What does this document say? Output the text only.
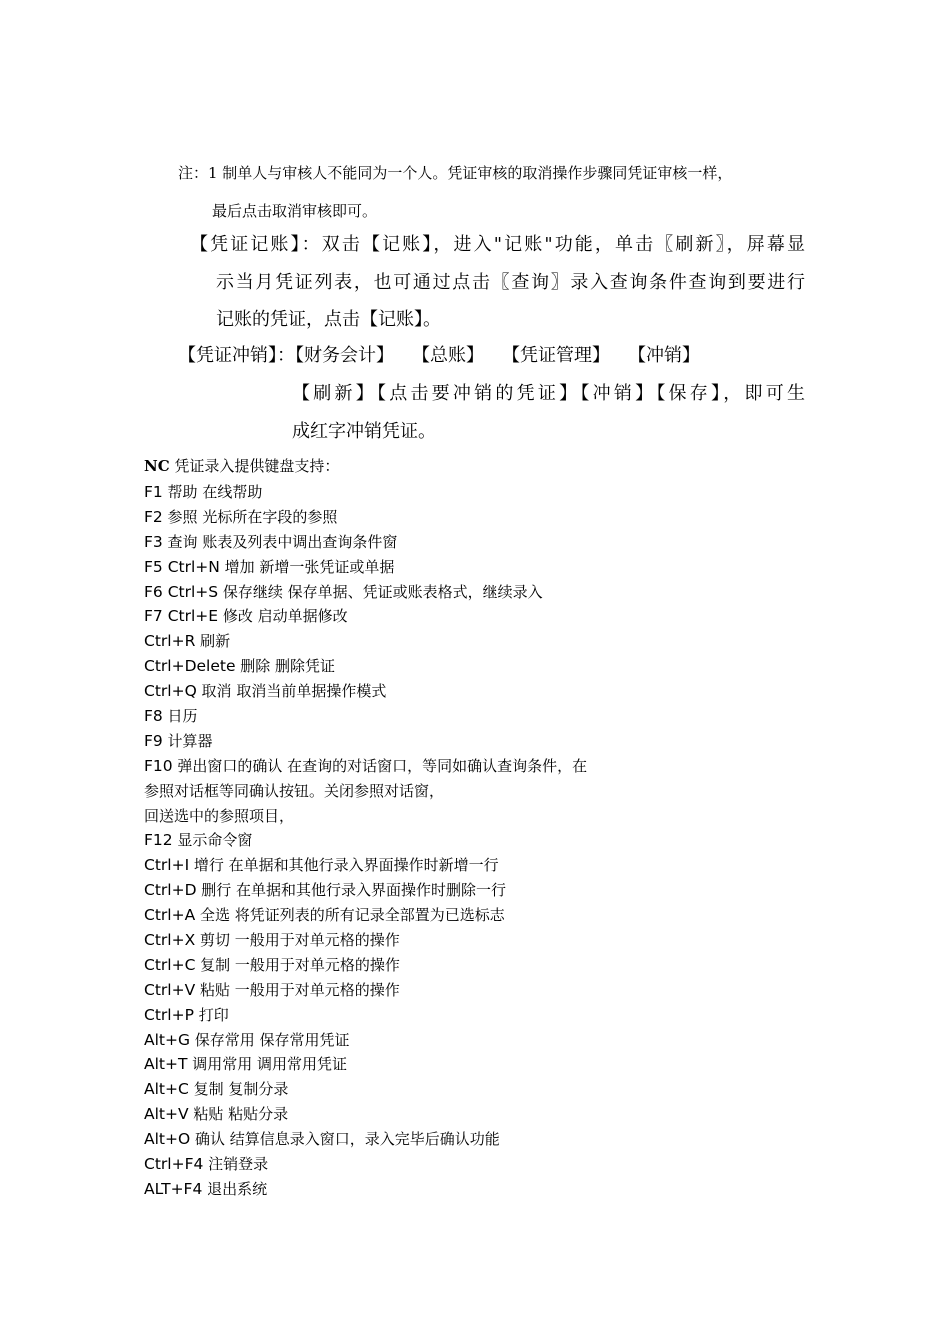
注：1 制单人与审核人不能同为一个人。凭证审核的取消操作步骤同凭证审核一样，
最后点击取消审核即可。
【凭证记账】：双击【记账】，进入"记账"功能，单击〖刷新〗，屏幕显
示当月凭证列表，也可通过点击〖查询〗录入查询条件查询到要进行
记账的凭证，点击【记账】。
【凭证冲销】：【财务会计】　　【总账】　　【凭证管理】　　【冲销】
【刷新】【点击要冲销的凭证】【冲销】【保存】，即可生
成红字冲销凭证。
NC 凭证录入提供键盘支持：
F1 帮助 在线帮助
F2 参照 光标所在字段的参照
F3 查询 账表及列表中调出查询条件窗
F5 Ctrl+N 增加 新增一张凭证或单据
F6 Ctrl+S 保存继续 保存单据、凭证或账表格式，继续录入
F7 Ctrl+E 修改 启动单据修改
Ctrl+R 刷新
Ctrl+Delete 删除 删除凭证
Ctrl+Q 取消 取消当前单据操作模式
F8 日历
F9 计算器
F10 弹出窗口的确认 在查询的对话窗口，等同如确认查询条件，在
参照对话框等同确认按钮。关闭参照对话窗，
回送选中的参照项目，
F12 显示命令窗
Ctrl+I 增行 在单据和其他行录入界面操作时新增一行
Ctrl+D 删行 在单据和其他行录入界面操作时删除一行
Ctrl+A 全选 将凭证列表的所有记录全部置为已选标志
Ctrl+X 剪切 一般用于对单元格的操作
Ctrl+C 复制 一般用于对单元格的操作
Ctrl+V 粘贴 一般用于对单元格的操作
Ctrl+P 打印
Alt+G 保存常用 保存常用凭证
Alt+T 调用常用 调用常用凭证
Alt+C 复制 复制分录
Alt+V 粘贴 粘贴分录
Alt+O 确认 结算信息录入窗口，录入完毕后确认功能
Ctrl+F4 注销登录
ALT+F4 退出系统
